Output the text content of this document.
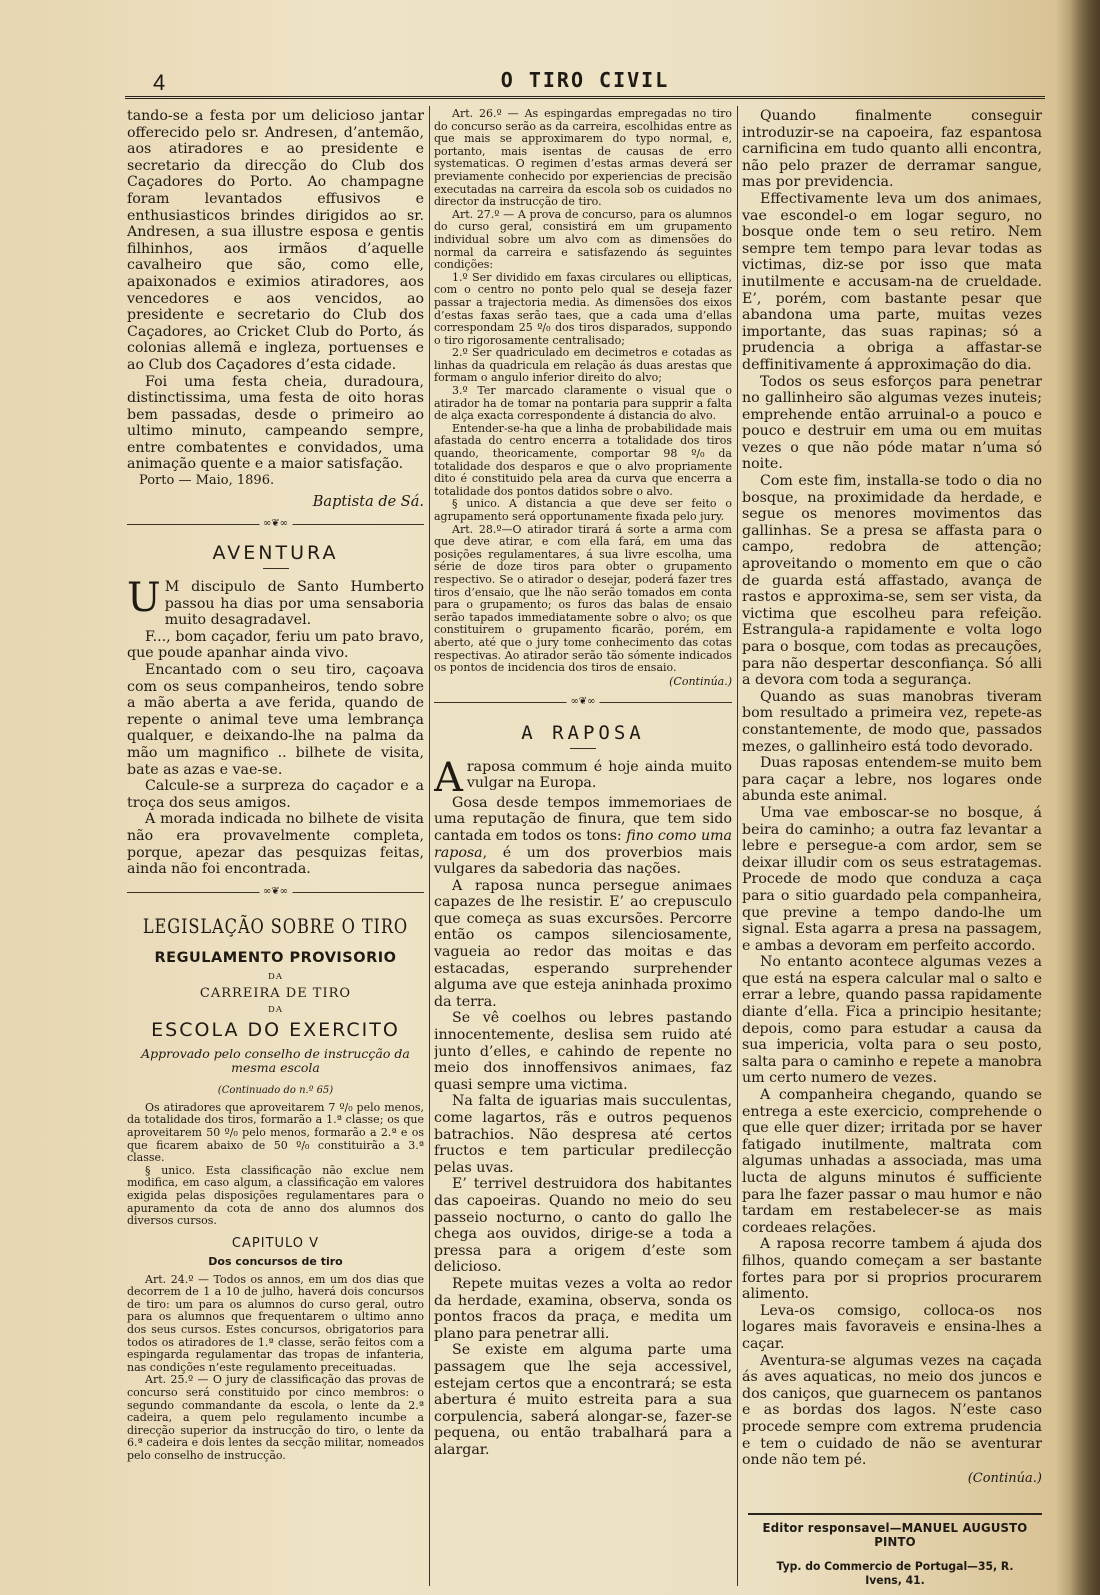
4	O TIRO CIVIL

tando-se a festa por um delicioso jantar offerecido pelo sr. Andresen, d’antemão, aos atiradores e ao presidente e secretario da direcção do Club dos Caçadores do Porto. Ao champagne foram levantados effusivos e enthusiasticos brindes dirigidos ao sr. Andresen, a sua illustre esposa e gentis filhinhos, aos irmãos d’aquelle cavalheiro que são, como elle, apaixonados e eximios atiradores, aos vencedores e aos vencidos, ao presidente e secretario do Club dos Caçadores, ao Cricket Club do Porto, ás colonias allemã e ingleza, portuenses e ao Club dos Caçadores d’esta cidade.

Foi uma festa cheia, duradoura, distinctissima, uma festa de oito horas bem passadas, desde o primeiro ao ultimo minuto, campeando sempre, entre combatentes e convidados, uma animação quente e a maior satisfação.

Porto — Maio, 1896.
Baptista de Sá.
∞❦∞
AVENTURA

U M discipulo de Santo Humberto passou ha dias por uma sensaboria muito desagradavel.

F..., bom caçador, feriu um pato bravo, que poude apanhar ainda vivo.

Encantado com o seu tiro, caçoava com os seus companheiros, tendo sobre a mão aberta a ave ferida, quando de repente o animal teve uma lembrança qualquer, e deixando-lhe na palma da mão um magnifico .. bilhete de visita, bate as azas e vae-se.

Calcule-se a surpreza do caçador e a troça dos seus amigos.

A morada indicada no bilhete de visita não era provavelmente completa, porque, apezar das pesquizas feitas, ainda não foi encontrada.

∞❦∞
LEGISLAÇÃO SOBRE O TIRO
REGULAMENTO PROVISORIO
DA
CARREIRA DE TIRO
DA
ESCOLA DO EXERCITO
Approvado pelo conselho de instrucção da mesma escola
(Continuado do n.º 65)

Os atiradores que aproveitarem 7 º/₀ pelo menos, da totalidade dos tiros, formarão a 1.ª classe; os que aproveitarem 50 º/₀ pelo menos, formarão a 2.ª e os que ficarem abaixo de 50 º/₀ constituirão a 3.ª classe.

§ unico. Esta classificação não exclue nem modifica, em caso algum, a classificação em valores exigida pelas disposições regulamentares para o apuramento da cota de anno dos alumnos dos diversos cursos.

CAPITULO V
Dos concursos de tiro

Art. 24.º — Todos os annos, em um dos dias que decorrem de 1 a 10 de julho, haverá dois concursos de tiro: um para os alumnos do curso geral, outro para os alumnos que frequentarem o ultimo anno dos seus cursos. Estes concursos, obrigatorios para todos os atiradores de 1.ª classe, serão feitos com a espingarda regulamentar das tropas de infanteria, nas condições n’este regulamento preceituadas.

Art. 25.º — O jury de classificação das provas de concurso será constituido por cinco membros: o segundo commandante da escola, o lente da 2.ª cadeira, a quem pelo regulamento incumbe a direcção superior da instrucção do tiro, o lente da 6.ª cadeira e dois lentes da secção militar, nomeados pelo conselho de instrucção.

Art. 26.º — As espingardas empregadas no tiro do concurso serão as da carreira, escolhidas entre as que mais se approximarem do typo normal, e, portanto, mais isentas de causas de erro systematicas. O regimen d’estas armas deverá ser previamente conhecido por experiencias de precisão executadas na carreira da escola sob os cuidados no director da instrucção de tiro.

Art. 27.º — A prova de concurso, para os alumnos do curso geral, consistirá em um grupamento individual sobre um alvo com as dimensões do normal da carreira e satisfazendo ás seguintes condições:

1.º Ser dividido em faxas circulares ou ellipticas, com o centro no ponto pelo qual se deseja fazer passar a trajectoria media. As dimensões dos eixos d’estas faxas serão taes, que a cada uma d’ellas correspondam 25 º/₀ dos tiros disparados, suppondo o tiro rigorosamente centralisado;

2.º Ser quadriculado em decimetros e cotadas as linhas da quadricula em relação ás duas arestas que formam o angulo inferior direito do alvo;

3.º Ter marcado claramente o visual que o atirador ha de tomar na pontaria para supprir a falta de alça exacta correspondente á distancia do alvo.

Entender-se-ha que a linha de probabilidade mais afastada do centro encerra a totalidade dos tiros quando, theoricamente, comportar 98 º/₀ da totalidade dos desparos e que o alvo propriamente dito é constituido pela area da curva que encerra a totalidade dos pontos datidos sobre o alvo.

§ unico. A distancia a que deve ser feito o agrupamento será opportunamente fixada pelo jury.

Art. 28.º—O atirador tirará á sorte a arma com que deve atirar, e com ella fará, em uma das posições regulamentares, á sua livre escolha, uma série de doze tiros para obter o grupamento respectivo. Se o atirador o desejar, poderá fazer tres tiros d’ensaio, que lhe não serão tomados em conta para o grupamento; os furos das balas de ensaio serão tapados immediatamente sobre o alvo; os que constituirem o grupamento ficarão, porém, em aberto, até que o jury tome conhecimento das cotas respectivas. Ao atirador serão tão sómente indicados os pontos de incidencia dos tiros de ensaio.

(Continúa.)
∞❦∞
A RAPOSA

Araposa commum é hoje ainda muito vulgar na Europa.

Gosa desde tempos immemoriaes de uma reputação de finura, que tem sido cantada em todos os tons: fino como uma raposa, é um dos proverbios mais vulgares da sabedoria das nações.

A raposa nunca persegue animaes capazes de lhe resistir. E’ ao crepusculo que começa as suas excursões. Percorre então os campos silenciosamente, vagueia ao redor das moitas e das estacadas, esperando surprehender alguma ave que esteja aninhada proximo da terra.

Se vê coelhos ou lebres pastando innocentemente, deslisa sem ruido até junto d’elles, e cahindo de repente no meio dos innoffensivos animaes, faz quasi sempre uma victima.

Na falta de iguarias mais succulentas, come lagartos, rãs e outros pequenos batrachios. Não despresa até certos fructos e tem particular predilecção pelas uvas.

E’ terrivel destruidora dos habitantes das capoeiras. Quando no meio do seu passeio nocturno, o canto do gallo lhe chega aos ouvidos, dirige-se a toda a pressa para a origem d’este som delicioso.

Repete muitas vezes a volta ao redor da herdade, examina, observa, sonda os pontos fracos da praça, e medita um plano para penetrar alli.

Se existe em alguma parte uma passagem que lhe seja accessivel, estejam certos que a encontrará; se esta abertura é muito estreita para a sua corpulencia, saberá alongar-se, fazer-se pequena, ou então trabalhará para a alargar.

Quando finalmente conseguir introduzir-se na capoeira, faz espantosa carnificina em tudo quanto alli encontra, não pelo prazer de derramar sangue, mas por previdencia.

Effectivamente leva um dos animaes, vae escondel-o em logar seguro, no bosque onde tem o seu retiro. Nem sempre tem tempo para levar todas as victimas, diz-se por isso que mata inutilmente e accusam-na de crueldade. E’, porém, com bastante pesar que abandona uma parte, muitas vezes importante, das suas rapinas; só a prudencia a obriga a affastar-se deffinitivamente á approximação do dia.

Todos os seus esforços para penetrar no gallinheiro são algumas vezes inuteis; emprehende então arruinal-o a pouco e pouco e destruir em uma ou em muitas vezes o que não póde matar n’uma só noite.

Com este fim, installa-se todo o dia no bosque, na proximidade da herdade, e segue os menores movimentos das gallinhas. Se a presa se affasta para o campo, redobra de attenção; aproveitando o momento em que o cão de guarda está affastado, avança de rastos e approxima-se, sem ser vista, da victima que escolheu para refeição. Estrangula-a rapidamente e volta logo para o bosque, com todas as precauções, para não despertar desconfiança. Só alli a devora com toda a segurança.

Quando as suas manobras tiveram bom resultado a primeira vez, repete-as constantemente, de modo que, passados mezes, o gallinheiro está todo devorado.

Duas raposas entendem-se muito bem para caçar a lebre, nos logares onde abunda este animal.

Uma vae emboscar-se no bosque, á beira do caminho; a outra faz levantar a lebre e persegue-a com ardor, sem se deixar illudir com os seus estratagemas. Procede de modo que conduza a caça para o sitio guardado pela companheira, que previne a tempo dando-lhe um signal. Esta agarra a presa na passagem, e ambas a devoram em perfeito accordo.

No entanto acontece algumas vezes a que está na espera calcular mal o salto e errar a lebre, quando passa rapidamente diante d’ella. Fica a principio hesitante; depois, como para estudar a causa da sua impericia, volta para o seu posto, salta para o caminho e repete a manobra um certo numero de vezes.

A companheira chegando, quando se entrega a este exercicio, comprehende o que elle quer dizer; irritada por se haver fatigado inutilmente, maltrata com algumas unhadas a associada, mas uma lucta de alguns minutos é sufficiente para lhe fazer passar o mau humor e não tardam em restabelecer-se as mais cordeaes relações.

A raposa recorre tambem á ajuda dos filhos, quando começam a ser bastante fortes para por si proprios procurarem alimento.

Leva-os comsigo, colloca-os nos logares mais favoraveis e ensina-lhes a caçar.

Aventura-se algumas vezes na caçada ás aves aquaticas, no meio dos juncos e dos caniços, que guarnecem os pantanos e as bordas dos lagos. N’este caso procede sempre com extrema prudencia e tem o cuidado de não se aventurar onde não tem pé.

(Continúa.)
Editor responsavel—MANUEL AUGUSTO PINTO
Typ. do Commercio de Portugal—35, R. Ivens, 41.
